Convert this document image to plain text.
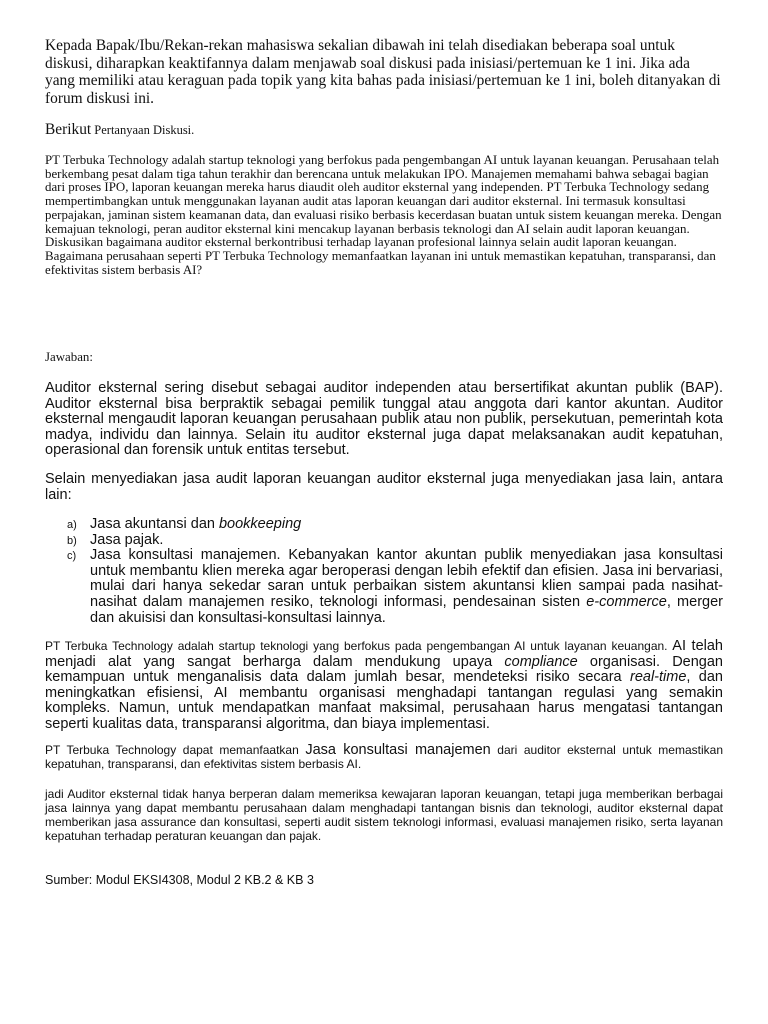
Kepada Bapak/Ibu/Rekan-rekan mahasiswa sekalian dibawah ini telah disediakan beberapa soal untuk diskusi, diharapkan keaktifannya dalam menjawab soal diskusi pada inisiasi/pertemuan ke 1 ini. Jika ada yang memiliki atau keraguan pada topik yang kita bahas pada inisiasi/pertemuan ke 1 ini, boleh ditanyakan di forum diskusi ini.

Berikut Pertanyaan Diskusi.

PT Terbuka Technology adalah startup teknologi yang berfokus pada pengembangan AI untuk layanan keuangan. Perusahaan telah berkembang pesat dalam tiga tahun terakhir dan berencana untuk melakukan IPO. Manajemen memahami bahwa sebagai bagian dari proses IPO, laporan keuangan mereka harus diaudit oleh auditor eksternal yang independen. PT Terbuka Technology sedang mempertimbangkan untuk menggunakan layanan audit atas laporan keuangan dari auditor eksternal. Ini termasuk konsultasi perpajakan, jaminan sistem keamanan data, dan evaluasi risiko berbasis kecerdasan buatan untuk sistem keuangan mereka. Dengan kemajuan teknologi, peran auditor eksternal kini mencakup layanan berbasis teknologi dan AI selain audit laporan keuangan. Diskusikan bagaimana auditor eksternal berkontribusi terhadap layanan profesional lainnya selain audit laporan keuangan. Bagaimana perusahaan seperti PT Terbuka Technology memanfaatkan layanan ini untuk memastikan kepatuhan, transparansi, dan efektivitas sistem berbasis AI?

Jawaban:

Auditor eksternal sering disebut sebagai auditor independen atau bersertifikat akuntan publik (BAP). Auditor eksternal bisa berpraktik sebagai pemilik tunggal atau anggota dari kantor akuntan. Auditor eksternal mengaudit laporan keuangan perusahaan publik atau non publik, persekutuan, pemerintah kota madya, individu dan lainnya. Selain itu auditor eksternal juga dapat melaksanakan audit kepatuhan, operasional dan forensik untuk entitas tersebut.

Selain menyediakan jasa audit laporan keuangan auditor eksternal juga menyediakan jasa lain, antara lain:

a) Jasa akuntansi dan bookkeeping
b) Jasa pajak.
c) Jasa konsultasi manajemen. Kebanyakan kantor akuntan publik menyediakan jasa konsultasi untuk membantu klien mereka agar beroperasi dengan lebih efektif dan efisien. Jasa ini bervariasi, mulai dari hanya sekedar saran untuk perbaikan sistem akuntansi klien sampai pada nasihat-nasihat dalam manajemen resiko, teknologi informasi, pendesainan sisten e-commerce, merger dan akuisisi dan konsultasi-konsultasi lainnya.

PT Terbuka Technology adalah startup teknologi yang berfokus pada pengembangan AI untuk layanan keuangan. AI telah menjadi alat yang sangat berharga dalam mendukung upaya compliance organisasi. Dengan kemampuan untuk menganalisis data dalam jumlah besar, mendeteksi risiko secara real-time, dan meningkatkan efisiensi, AI membantu organisasi menghadapi tantangan regulasi yang semakin kompleks. Namun, untuk mendapatkan manfaat maksimal, perusahaan harus mengatasi tantangan seperti kualitas data, transparansi algoritma, dan biaya implementasi.

PT Terbuka Technology dapat memanfaatkan Jasa konsultasi manajemen dari auditor eksternal untuk memastikan kepatuhan, transparansi, dan efektivitas sistem berbasis AI.

jadi Auditor eksternal tidak hanya berperan dalam memeriksa kewajaran laporan keuangan, tetapi juga memberikan berbagai jasa lainnya yang dapat membantu perusahaan dalam menghadapi tantangan bisnis dan teknologi, auditor eksternal dapat memberikan jasa assurance dan konsultasi, seperti audit sistem teknologi informasi, evaluasi manajemen risiko, serta layanan kepatuhan terhadap peraturan keuangan dan pajak.

Sumber: Modul EKSI4308, Modul 2 KB.2 & KB 3
